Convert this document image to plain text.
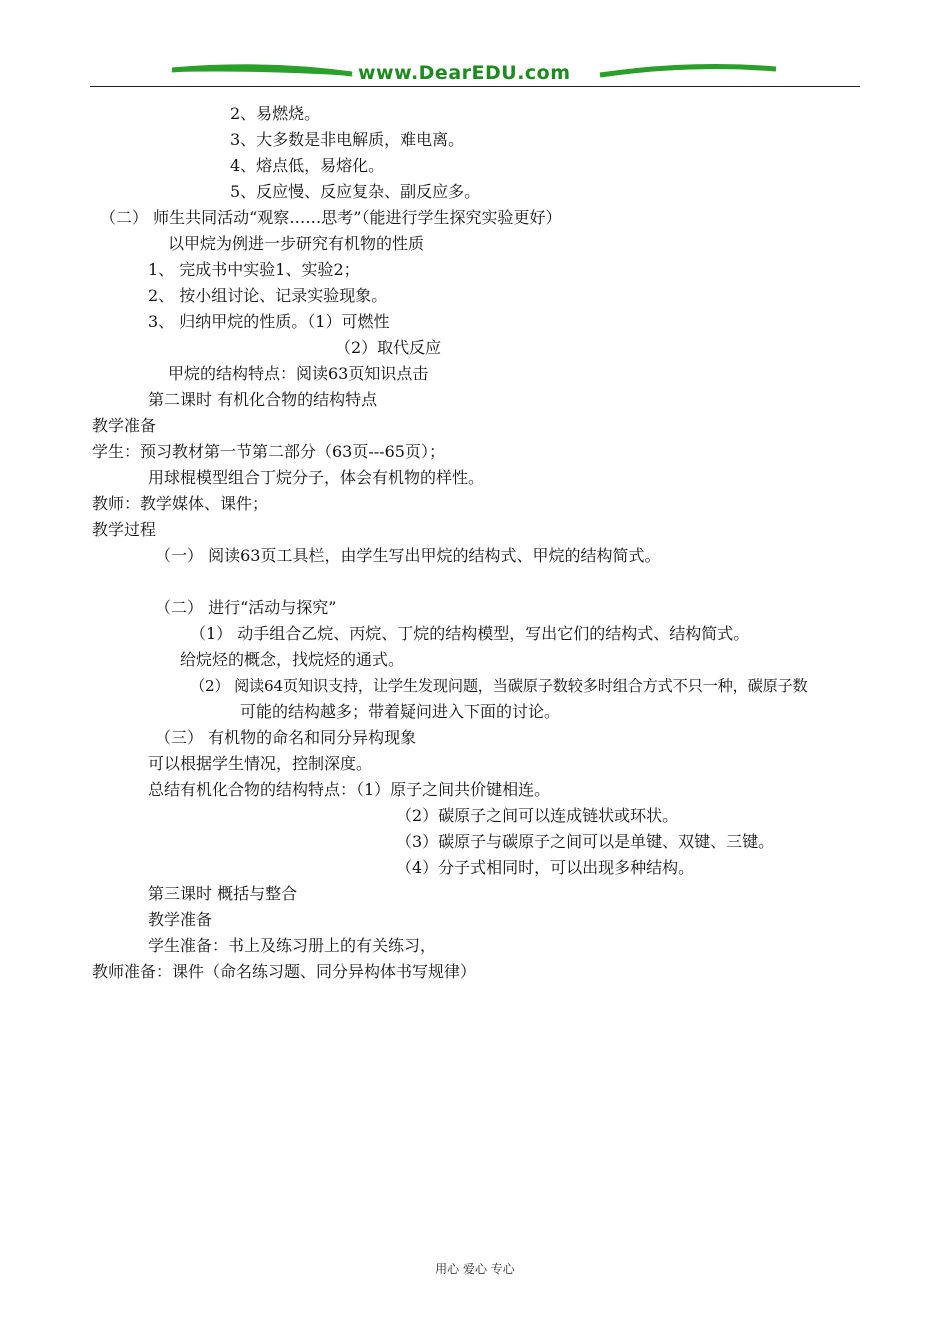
www.DearEDU.com
2、易燃烧。
3、大多数是非电解质，难电离。
4、熔点低，易熔化。
5、反应慢、反应复杂、副反应多。
（二） 师生共同活动“观察……思考”（能进行学生探究实验更好）
以甲烷为例进一步研究有机物的性质
1、 完成书中实验1、实验2；
2、 按小组讨论、记录实验现象。
3、 归纳甲烷的性质。（1）可燃性
（2）取代反应
甲烷的结构特点：阅读63页知识点击
第二课时 有机化合物的结构特点
教学准备
学生：预习教材第一节第二部分（63页---65页）；
用球棍模型组合丁烷分子，体会有机物的样性。
教师：教学媒体、课件；
教学过程
（一） 阅读63页工具栏，由学生写出甲烷的结构式、甲烷的结构简式。
（二） 进行“活动与探究”
（1） 动手组合乙烷、丙烷、丁烷的结构模型，写出它们的结构式、结构简式。
给烷烃的概念，找烷烃的通式。
（2） 阅读64页知识支持，让学生发现问题，当碳原子数较多时组合方式不只一种，碳原子数
可能的结构越多；带着疑问进入下面的讨论。
（三） 有机物的命名和同分异构现象
可以根据学生情况，控制深度。
总结有机化合物的结构特点：（1）原子之间共价键相连。
（2）碳原子之间可以连成链状或环状。
（3）碳原子与碳原子之间可以是单键、双键、三键。
（4）分子式相同时，可以出现多种结构。
第三课时 概括与整合
教学准备
学生准备：书上及练习册上的有关练习，
教师准备：课件（命名练习题、同分异构体书写规律）
用心 爱心 专心
